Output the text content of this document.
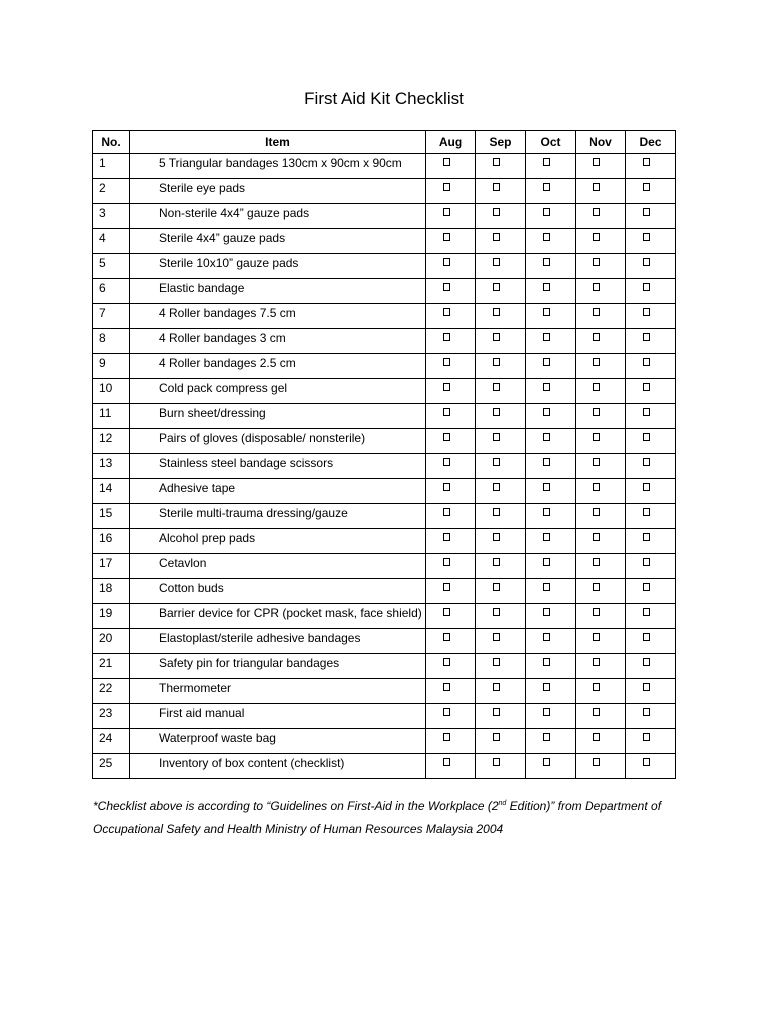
First Aid Kit Checklist
No.	Item	Aug	Sep	Oct	Nov	Dec
1	5 Triangular bandages 130cm x 90cm x 90cm					
2	Sterile eye pads					
3	Non-sterile 4x4” gauze pads					
4	Sterile 4x4” gauze pads					
5	Sterile 10x10” gauze pads					
6	Elastic bandage					
7	4 Roller bandages 7.5 cm					
8	4 Roller bandages 3 cm					
9	4 Roller bandages 2.5 cm					
10	Cold pack compress gel					
11	Burn sheet/dressing					
12	Pairs of gloves (disposable/ nonsterile)					
13	Stainless steel bandage scissors					
14	Adhesive tape					
15	Sterile multi-trauma dressing/gauze					
16	Alcohol prep pads					
17	Cetavlon					
18	Cotton buds					
19	Barrier device for CPR (pocket mask, face shield)					
20	Elastoplast/sterile adhesive bandages					
21	Safety pin for triangular bandages					
22	Thermometer					
23	First aid manual					
24	Waterproof waste bag					
25	Inventory of box content (checklist)					
*Checklist above is according to “Guidelines on First-Aid in the Workplace (2nd Edition)” from Department of
Occupational Safety and Health Ministry of Human Resources Malaysia 2004
